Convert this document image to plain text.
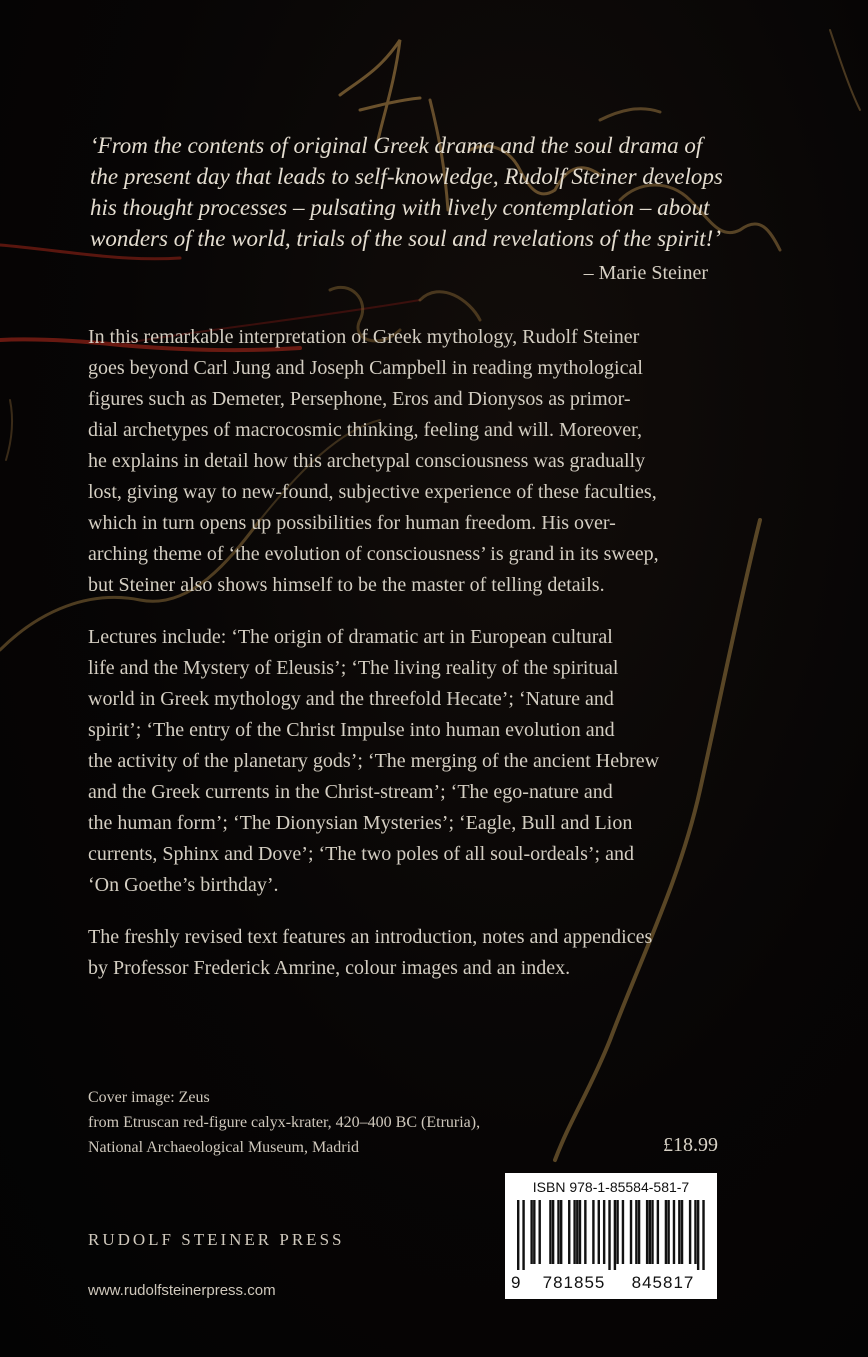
‘From the contents of original Greek drama and the soul drama of
the present day that leads to self-knowledge, Rudolf Steiner develops
his thought processes – pulsating with lively contemplation – about
wonders of the world, trials of the soul and revelations of the spirit!’
– Marie Steiner
In this remarkable interpretation of Greek mythology, Rudolf Steiner
goes beyond Carl Jung and Joseph Campbell in reading mythological
figures such as Demeter, Persephone, Eros and Dionysos as primor-
dial archetypes of macrocosmic thinking, feeling and will. Moreover,
he explains in detail how this archetypal consciousness was gradually
lost, giving way to new-found, subjective experience of these faculties,
which in turn opens up possibilities for human freedom. His over-
arching theme of ‘the evolution of consciousness’ is grand in its sweep,
but Steiner also shows himself to be the master of telling details.
Lectures include: ‘The origin of dramatic art in European cultural
life and the Mystery of Eleusis’; ‘The living reality of the spiritual
world in Greek mythology and the threefold Hecate’; ‘Nature and
spirit’; ‘The entry of the Christ Impulse into human evolution and
the activity of the planetary gods’; ‘The merging of the ancient Hebrew
and the Greek currents in the Christ-stream’; ‘The ego-nature and
the human form’; ‘The Dionysian Mysteries’; ‘Eagle, Bull and Lion
currents, Sphinx and Dove’; ‘The two poles of all soul-ordeals’; and
‘On Goethe’s birthday’.
The freshly revised text features an introduction, notes and appendices
by Professor Frederick Amrine, colour images and an index.
Cover image: Zeus
from Etruscan red-figure calyx-krater, 420–400 BC (Etruria),
National Archaeological Museum, Madrid	£18.99
RUDOLF STEINER PRESS
www.rudolfsteinerpress.com
ISBN 978-1-85584-581-7
9	781855	845817
